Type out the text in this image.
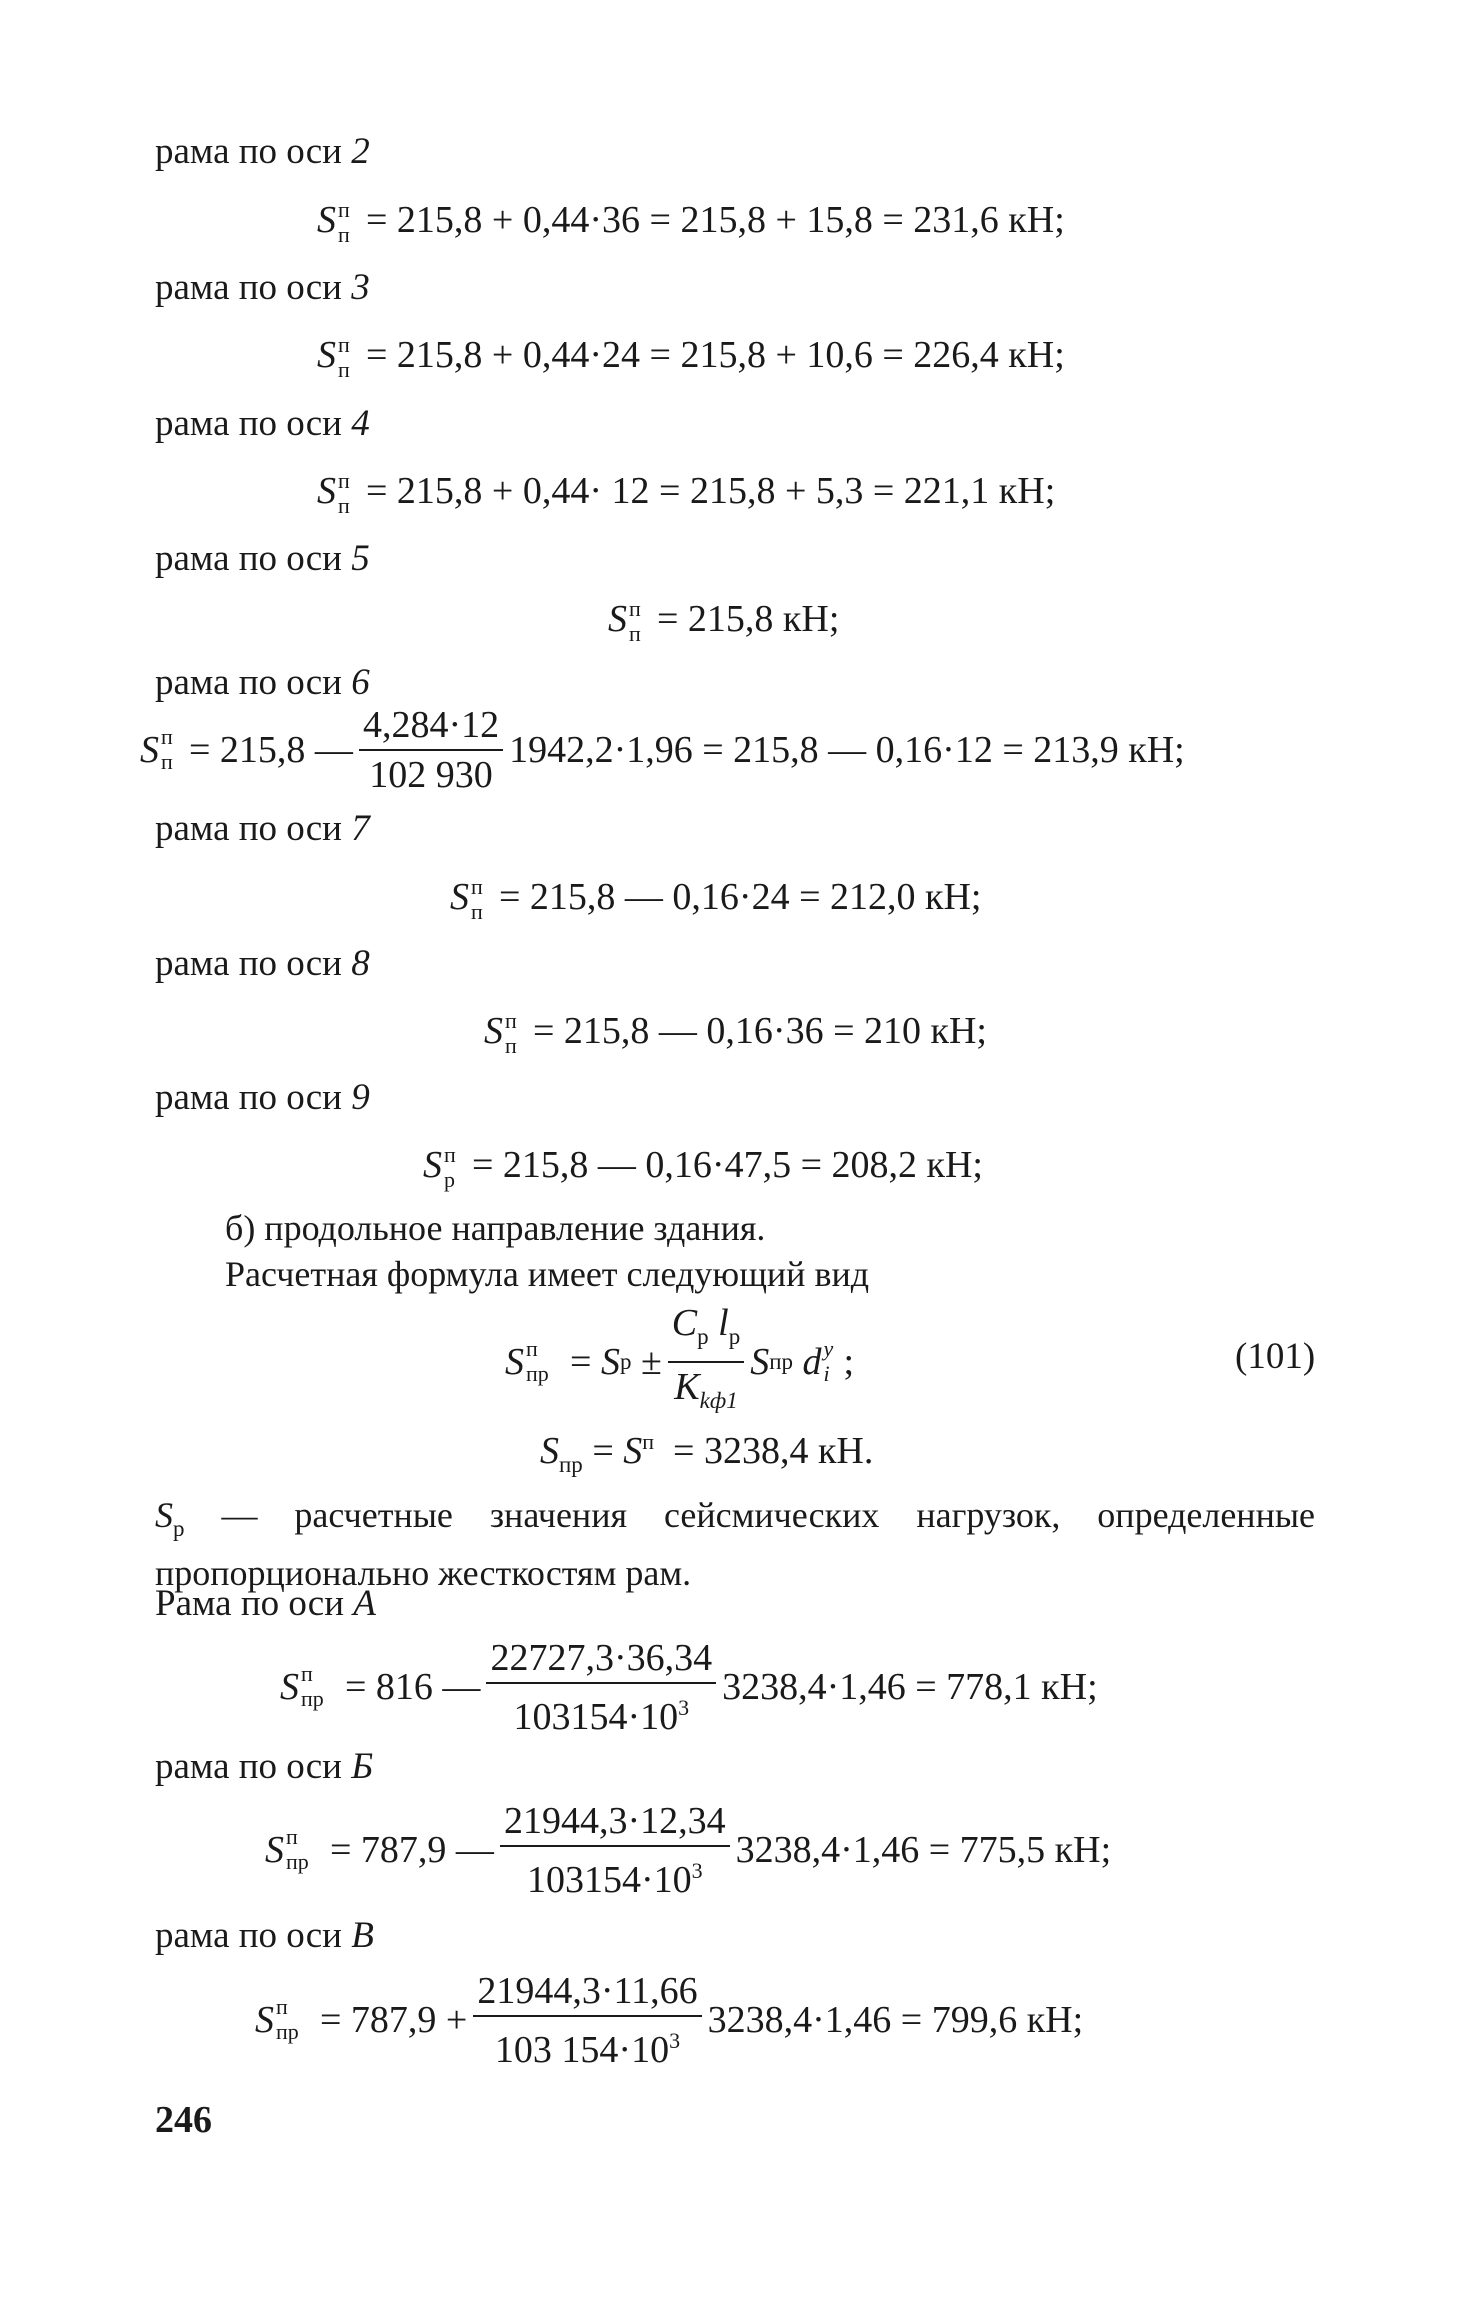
рама по оси 2
S п
п = 215,8 + 0,44·36 = 215,8 + 15,8 = 231,6 кН;
рама по оси 3
S п
п = 215,8 + 0,44·24 = 215,8 + 10,6 = 226,4 кН;
рама по оси 4
S п
п = 215,8 + 0,44· 12 = 215,8 + 5,3 = 221,1 кН;
рама по оси 5
S п
п = 215,8 кН;
рама по оси 6
S п
п = 215,8 — $\frac{4,284\cdot 12}{102 930} 1942,2\cdot 1,96 = 215,8$ — 0,16·12 = 213,9 кН;
рама по оси 7
S п
п = 215,8 — 0,16·24 = 212,0 кН;
рама по оси 8
S п
п = 215,8 — 0,16·36 = 210 кН;
рама по оси 9
S п
р = 215,8 — 0,16·47,5 = 208,2 кН;
б) продольное направление здания.
Расчетная формула имеет следующий вид
S п
пр = S р
± $\frac{C_р l_р}{K_{kф1}}$ S пр
d y
i ;	(101)
$S_{пр} = S^п = 3238,4$ кН.
$S_р$ — расчетные значения сейсмических нагрузок, определенные пропорционально жесткостям рам.
Рама по оси А
S п
пр = 816 — $\frac{22727,3\cdot 36,34}{103154\cdot 10^3} 3238,4\cdot 1,46 = 778,1$ кН;
рама по оси Б
S п
пр = 787,9 — $\frac{21944,3\cdot 12,34}{103154\cdot 10^3} 3238,4\cdot 1,46 = 775,5$ кН;
рама по оси В
S п
пр = $787,9 + \frac{21944,3\cdot 11,66}{103 154\cdot 10^3} 3238,4\cdot 1,46 = 799,6$ кН;
246
